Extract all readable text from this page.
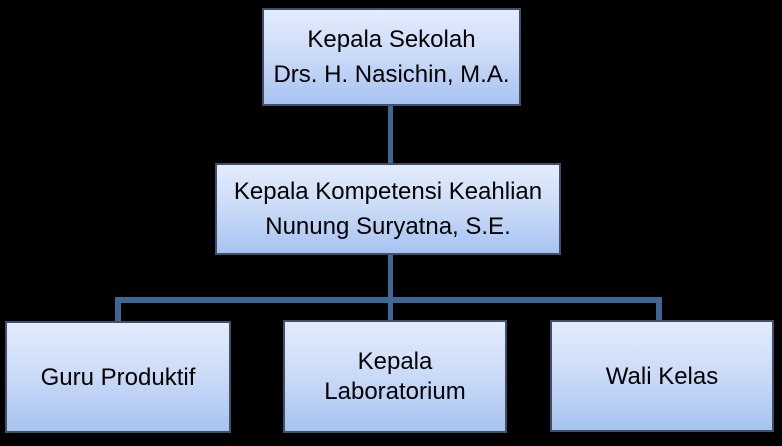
Kepala Sekolah
Drs. H. Nasichin, M.A.
Kepala Kompetensi Keahlian
Nunung Suryatna, S.E.
Guru Produktif
Kepala Laboratorium
Wali Kelas
